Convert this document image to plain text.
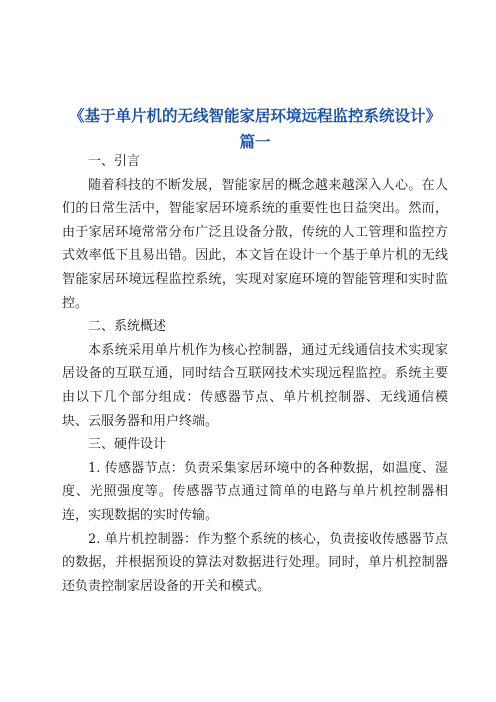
《基于单片机的无线智能家居环境远程监控系统设计》篇一

一、引言

随着科技的不断发展，智能家居的概念越来越深入人心。在人们的日常生活中，智能家居环境系统的重要性也日益突出。然而，由于家居环境常常分布广泛且设备分散，传统的人工管理和监控方式效率低下且易出错。因此，本文旨在设计一个基于单片机的无线智能家居环境远程监控系统，实现对家庭环境的智能管理和实时监控。

二、系统概述

本系统采用单片机作为核心控制器，通过无线通信技术实现家居设备的互联互通，同时结合互联网技术实现远程监控。系统主要由以下几个部分组成：传感器节点、单片机控制器、无线通信模块、云服务器和用户终端。

三、硬件设计

1. 传感器节点：负责采集家居环境中的各种数据，如温度、湿度、光照强度等。传感器节点通过简单的电路与单片机控制器相连，实现数据的实时传输。

2. 单片机控制器：作为整个系统的核心，负责接收传感器节点的数据，并根据预设的算法对数据进行处理。同时，单片机控制器还负责控制家居设备的开关和模式。
